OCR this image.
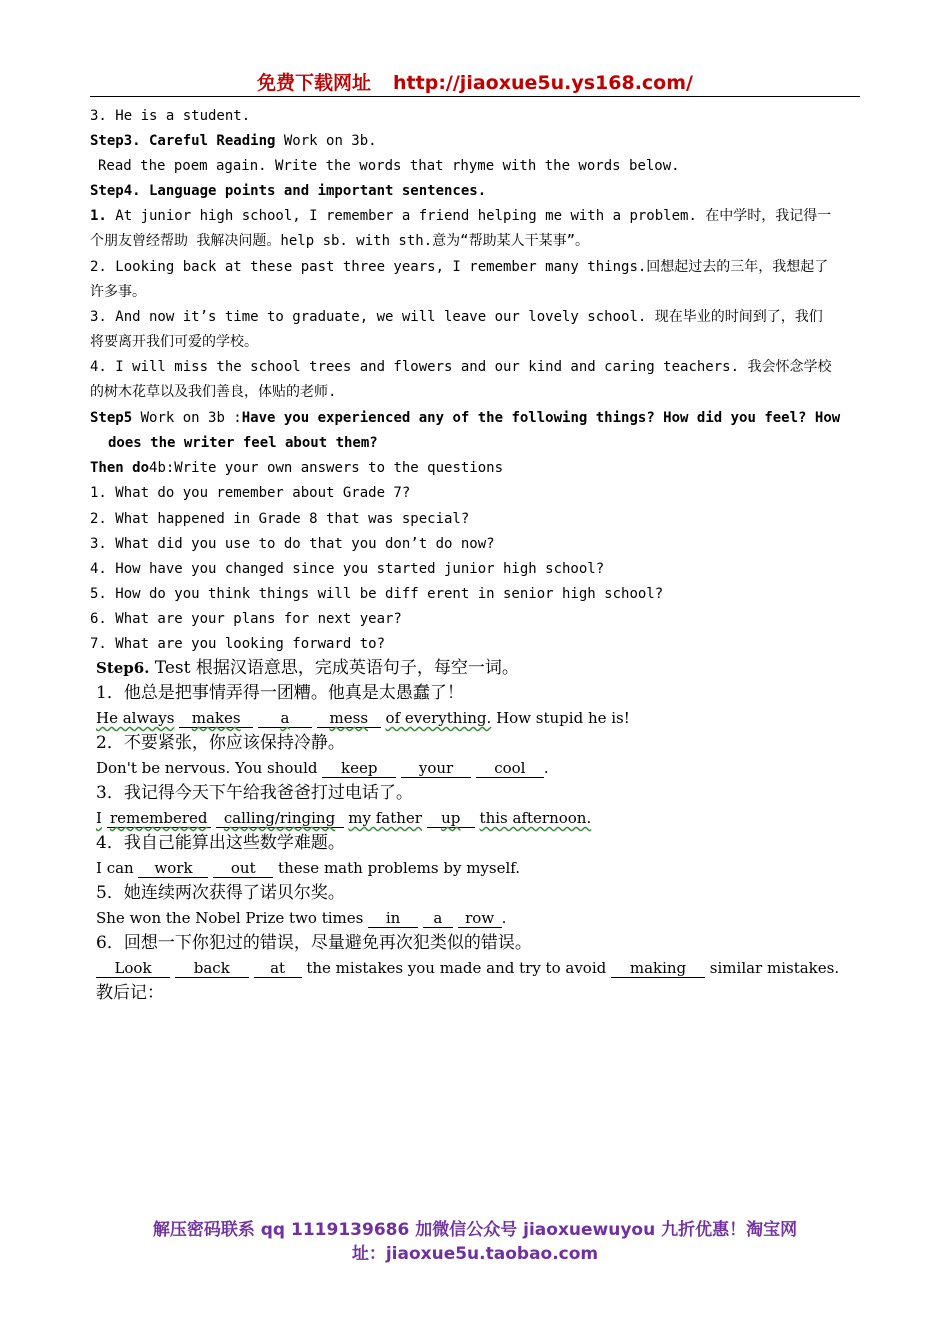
免费下载网址 http://jiaoxue5u.ys168.com/
3. He is a student.
Step3. Careful Reading Work on 3b.
Read the poem again. Write the words that rhyme with the words below.
Step4. Language points and important sentences.
1. At junior high school, I remember a friend helping me with a problem. 在中学时，我记得一
个朋友曾经帮助 我解决问题。help sb. with sth.意为“帮助某人干某事”。
2. Looking back at these past three years, I remember many things.回想起过去的三年，我想起了
许多事。
3. And now it’s time to graduate, we will leave our lovely school. 现在毕业的时间到了，我们
将要离开我们可爱的学校。
4. I will miss the school trees and flowers and our kind and caring teachers. 我会怀念学校
的树木花草以及我们善良，体贴的老师.
Step5 Work on 3b :Have you experienced any of the following things? How did you feel? How
does the writer feel about them?
Then do4b:Write your own answers to the questions
1. What do you remember about Grade 7?
2. What happened in Grade 8 that was special?
3. What did you use to do that you don’t do now?
4. How have you changed since you started junior high school?
5. How do you think things will be diff erent in senior high school?
6. What are your plans for next year?
7. What are you looking forward to?
Step6. Test 根据汉语意思，完成英语句子，每空一词。
1．他总是把事情弄得一团糟。他真是太愚蠢了！
He always makes	a	mess of everything. How stupid he is!
2．不要紧张，你应该保持冷静。
Don't be nervous. You should keep	your	cool .
3．我记得今天下午给我爸爸打过电话了。
I remembered calling/ringing my father up this afternoon.
4．我自己能算出这些数学难题。
I can work	out these math problems by myself.
5．她连续两次获得了诺贝尔奖。
She won the Nobel Prize two times in a row .
6．回想一下你犯过的错误，尽量避免再次犯类似的错误。
Look	back	at the mistakes you made and try to avoid making similar mistakes.
教后记：
解压密码联系 qq 1119139686 加微信公众号 jiaoxuewuyou 九折优惠！淘宝网
址：jiaoxue5u.taobao.com
